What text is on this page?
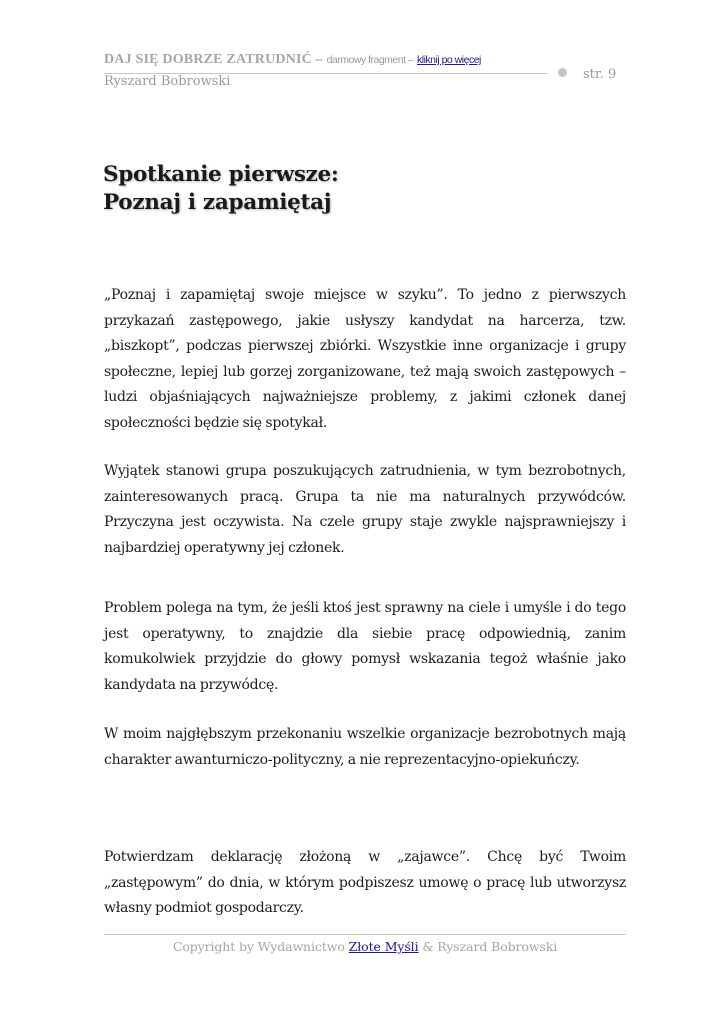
DAJ SIĘ DOBRZE ZATRUDNIĆ – darmowy fragment – kliknij po więcej
str. 9
Ryszard Bobrowski
Spotkanie pierwsze:
Poznaj i zapamiętaj

„Poznaj i zapamiętaj swoje miejsce w szyku”. To jedno z pierwszych przykazań zastępowego, jakie usłyszy kandydat na harcerza, tzw. „biszkopt”, podczas pierwszej zbiórki. Wszystkie inne organizacje i grupy społeczne, lepiej lub gorzej zorganizowane, też mają swoich zastępowych – ludzi objaśniających najważniejsze problemy, z jakimi członek danej społeczności będzie się spotykał.

Wyjątek stanowi grupa poszukujących zatrudnienia, w tym bezrobotnych, zainteresowanych pracą. Grupa ta nie ma naturalnych przywódców. Przyczyna jest oczywista. Na czele grupy staje zwykle najsprawniejszy i najbardziej operatywny jej członek.

Problem polega na tym, że jeśli ktoś jest sprawny na ciele i umyśle i do tego jest operatywny, to znajdzie dla siebie pracę odpowiednią, zanim komukolwiek przyjdzie do głowy pomysł wskazania tegoż właśnie jako kandydata na przywódcę.

W moim najgłębszym przekonaniu wszelkie organizacje bezrobotnych mają charakter awanturniczo-polityczny, a nie reprezentacyjno-opiekuńczy.

Potwierdzam deklarację złożoną w „zajawce”. Chcę być Twoim „zastępowym” do dnia, w którym podpiszesz umowę o pracę lub utworzysz własny podmiot gospodarczy.

Copyright by Wydawnictwo Złote Myśli & Ryszard Bobrowski
